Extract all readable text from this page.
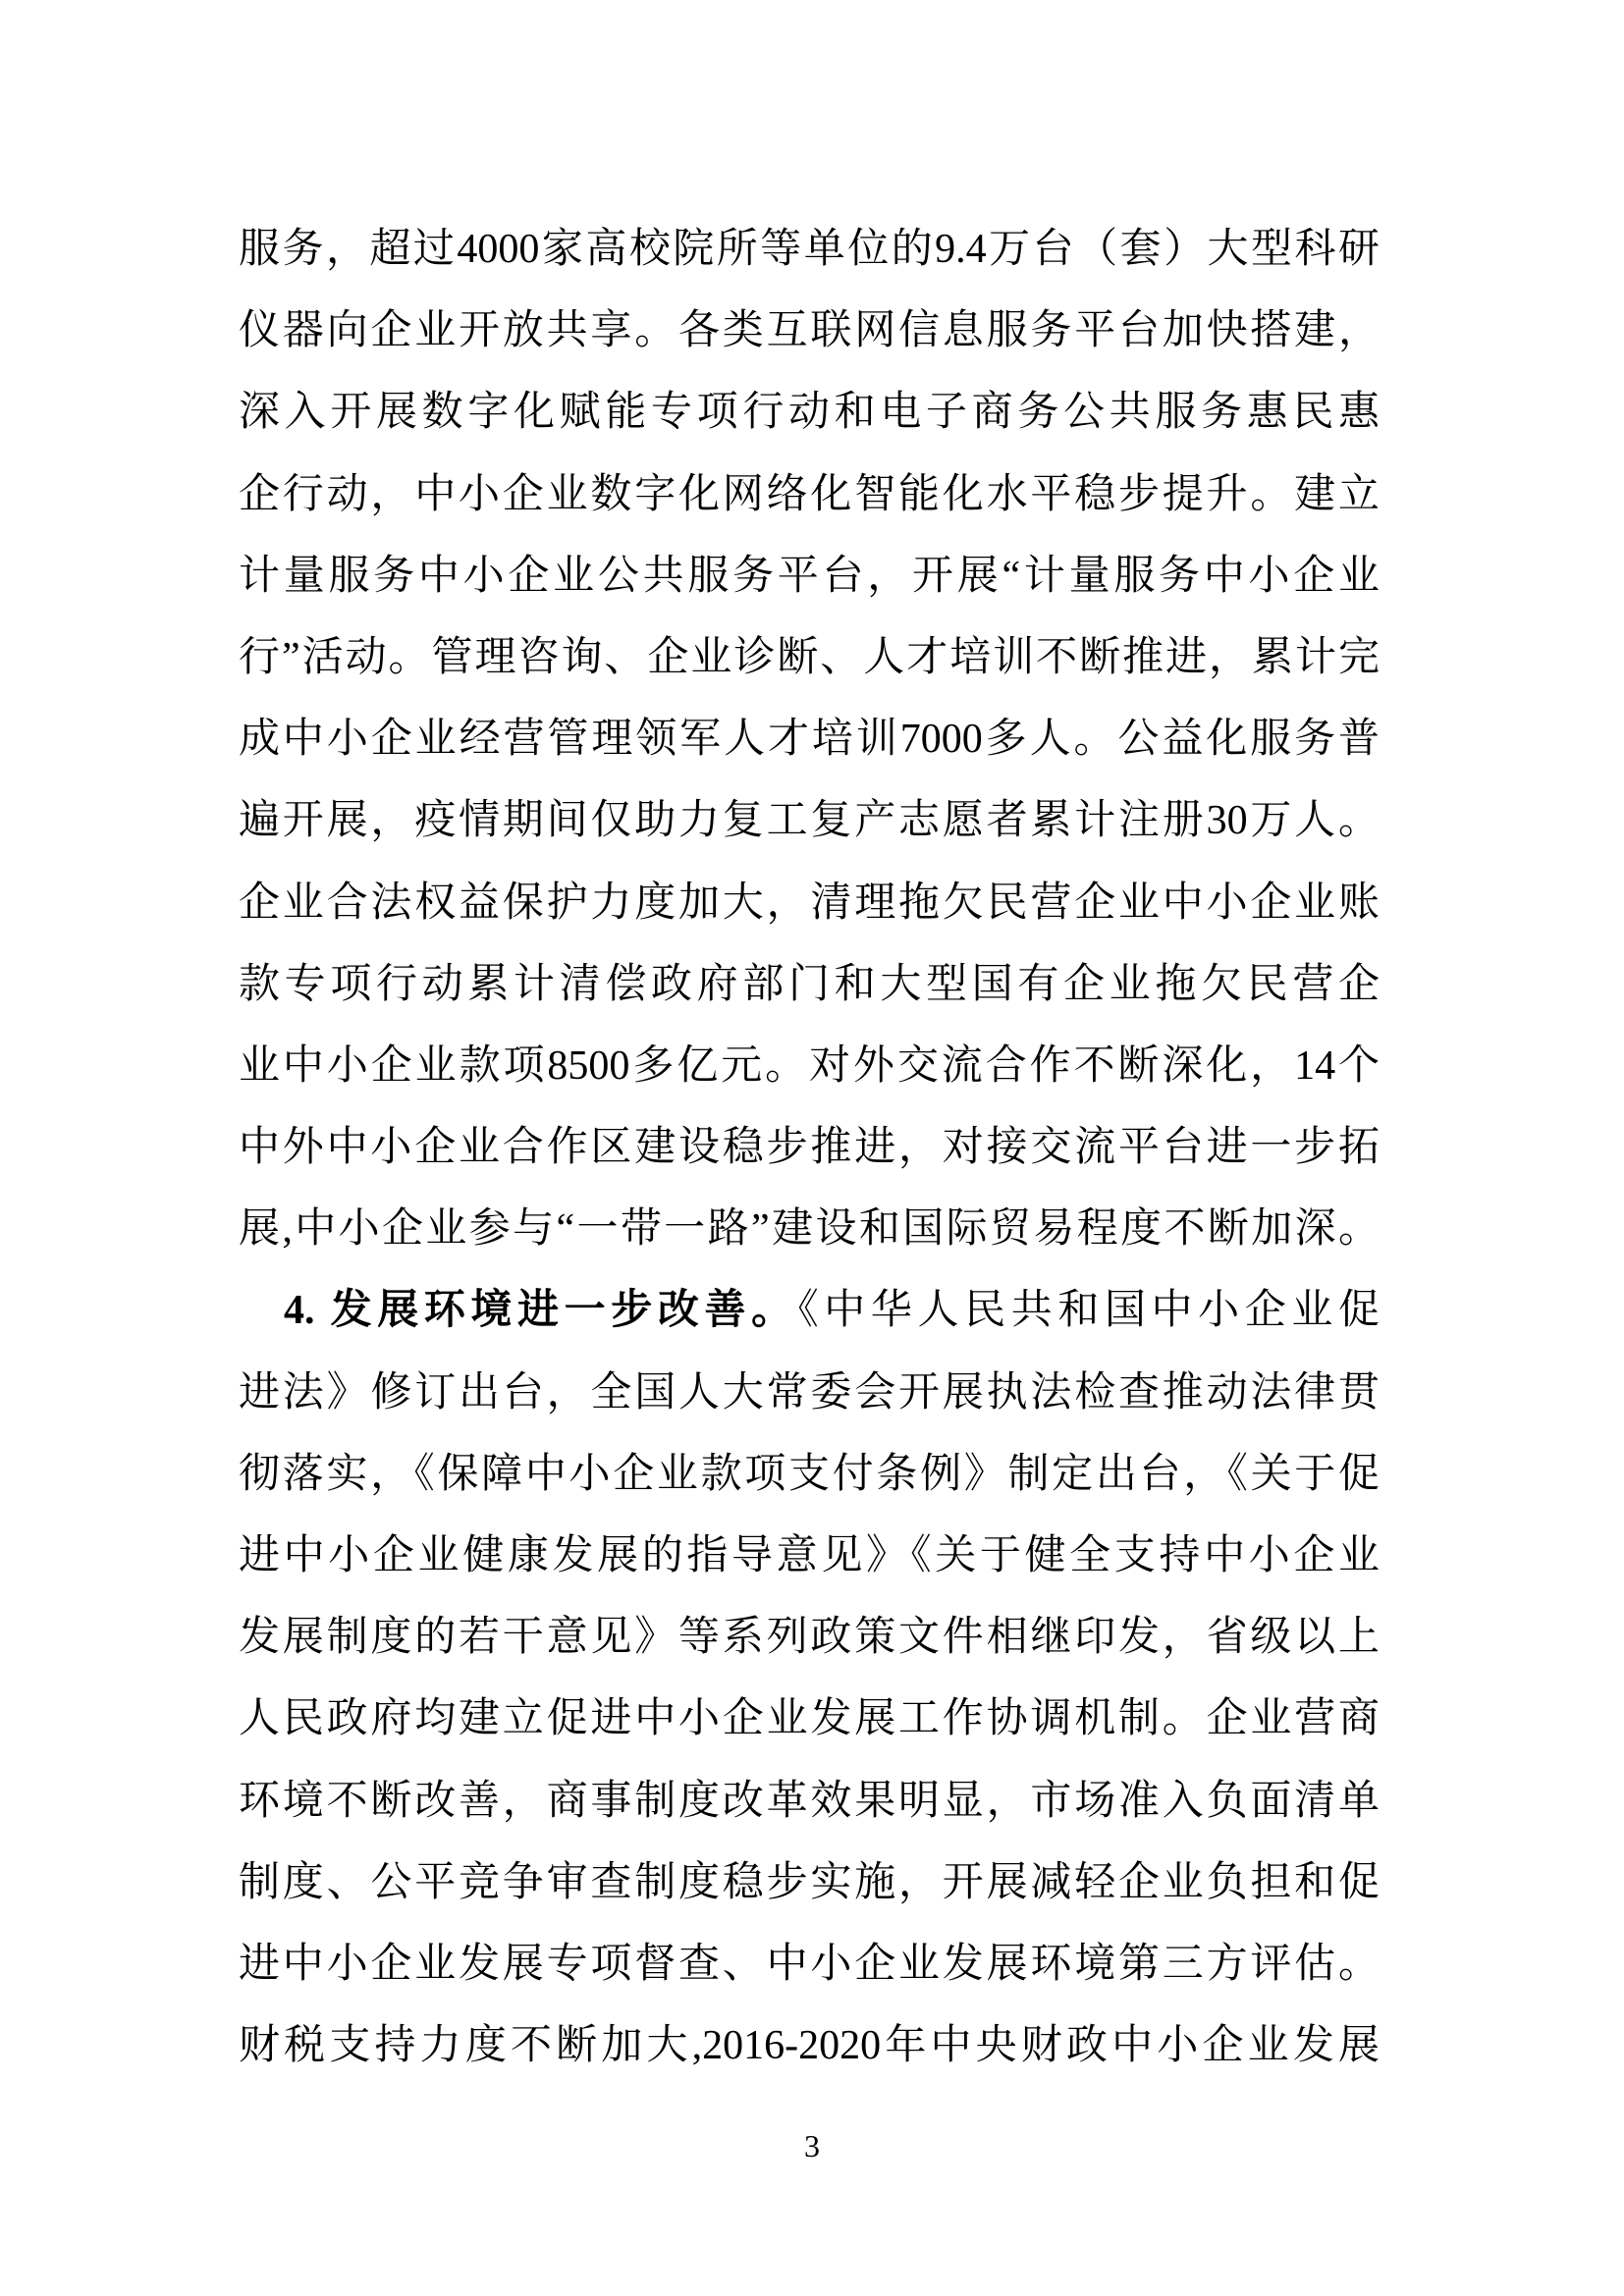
服务，超过4000家高校院所等单位的9.4万台（套）大型科研
仪器向企业开放共享。各类互联网信息服务平台加快搭建，
深入开展数字化赋能专项行动和电子商务公共服务惠民惠
企行动，中小企业数字化网络化智能化水平稳步提升。建立
计量服务中小企业公共服务平台，开展“计量服务中小企业
行”活动。管理咨询、企业诊断、人才培训不断推进，累计完
成中小企业经营管理领军人才培训7000多人。公益化服务普
遍开展，疫情期间仅助力复工复产志愿者累计注册30万人。
企业合法权益保护力度加大，清理拖欠民营企业中小企业账
款专项行动累计清偿政府部门和大型国有企业拖欠民营企
业中小企业款项8500多亿元。对外交流合作不断深化，14个
中外中小企业合作区建设稳步推进，对接交流平台进一步拓
展,中小企业参与“一带一路”建设和国际贸易程度不断加深。
4. 发展环境进一步改善。《中华人民共和国中小企业促
进法》修订出台，全国人大常委会开展执法检查推动法律贯
彻落实，《保障中小企业款项支付条例》制定出台，《关于促
进中小企业健康发展的指导意见》《关于健全支持中小企业
发展制度的若干意见》等系列政策文件相继印发，省级以上
人民政府均建立促进中小企业发展工作协调机制。企业营商
环境不断改善，商事制度改革效果明显，市场准入负面清单
制度、公平竞争审查制度稳步实施，开展减轻企业负担和促
进中小企业发展专项督查、中小企业发展环境第三方评估。
财税支持力度不断加大,2016-2020年中央财政中小企业发展
3
